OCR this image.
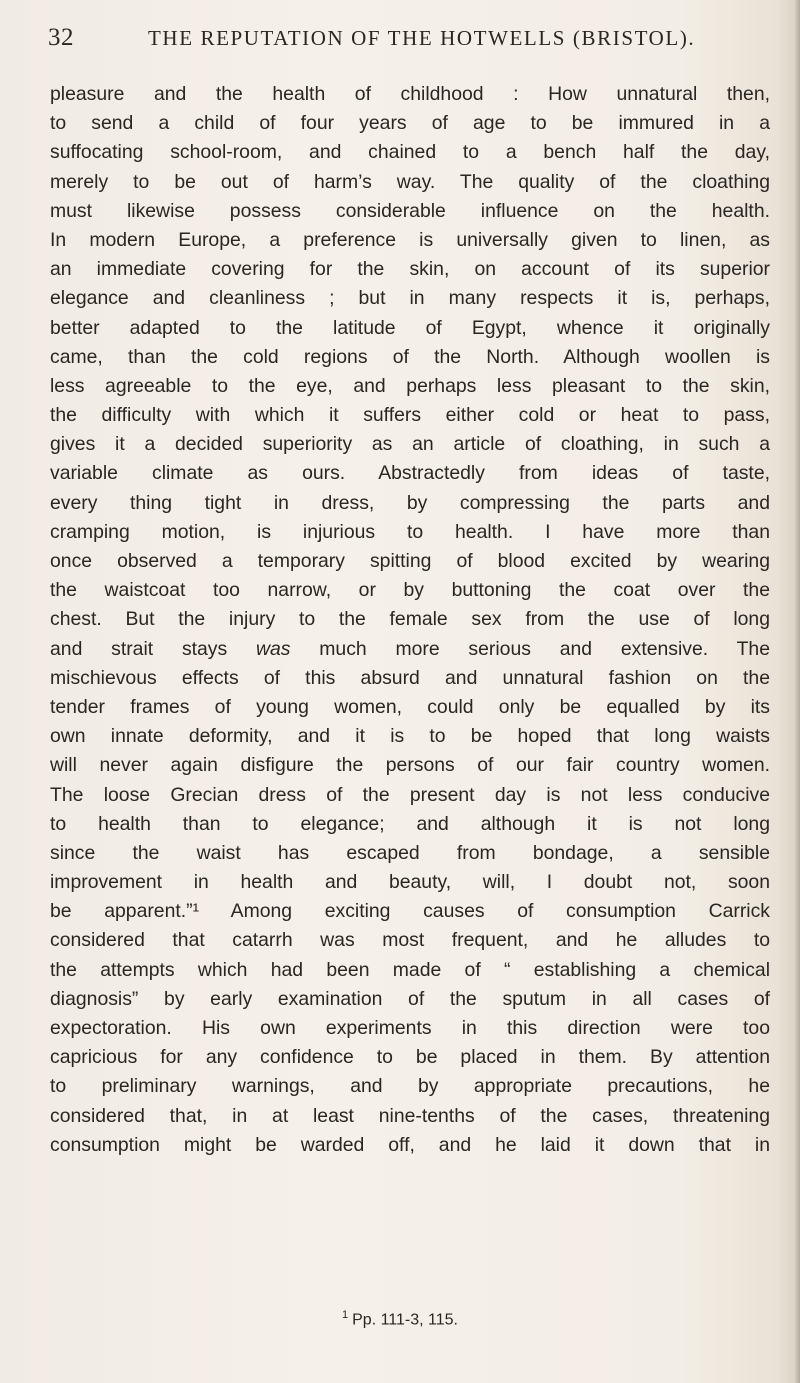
32	THE REPUTATION OF THE HOTWELLS (BRISTOL).
pleasure and the health of childhood : How unnatural then,
to send a child of four years of age to be immured in a
suffocating school-room, and chained to a bench half the day,
merely to be out of harm’s way. The quality of the cloathing
must likewise possess considerable influence on the health.
In modern Europe, a preference is universally given to linen, as
an immediate covering for the skin, on account of its superior
elegance and cleanliness ; but in many respects it is, perhaps,
better adapted to the latitude of Egypt, whence it originally
came, than the cold regions of the North. Although woollen is
less agreeable to the eye, and perhaps less pleasant to the skin,
the difficulty with which it suffers either cold or heat to pass,
gives it a decided superiority as an article of cloathing, in such a
variable climate as ours. Abstractedly from ideas of taste,
every thing tight in dress, by compressing the parts and
cramping motion, is injurious to health. I have more than
once observed a temporary spitting of blood excited by wearing
the waistcoat too narrow, or by buttoning the coat over the
chest. But the injury to the female sex from the use of long
and strait stays was much more serious and extensive. The
mischievous effects of this absurd and unnatural fashion on the
tender frames of young women, could only be equalled by its
own innate deformity, and it is to be hoped that long waists
will never again disfigure the persons of our fair country women.
The loose Grecian dress of the present day is not less conducive
to health than to elegance; and although it is not long
since the waist has escaped from bondage, a sensible
improvement in health and beauty, will, I doubt not, soon
be apparent.”¹ Among exciting causes of consumption Carrick
considered that catarrh was most frequent, and he alludes to
the attempts which had been made of “ establishing a chemical
diagnosis” by early examination of the sputum in all cases of
expectoration. His own experiments in this direction were too
capricious for any confidence to be placed in them. By attention
to preliminary warnings, and by appropriate precautions, he
considered that, in at least nine-tenths of the cases, threatening
consumption might be warded off, and he laid it down that in
$^1$ Pp. 111-3, 115.
